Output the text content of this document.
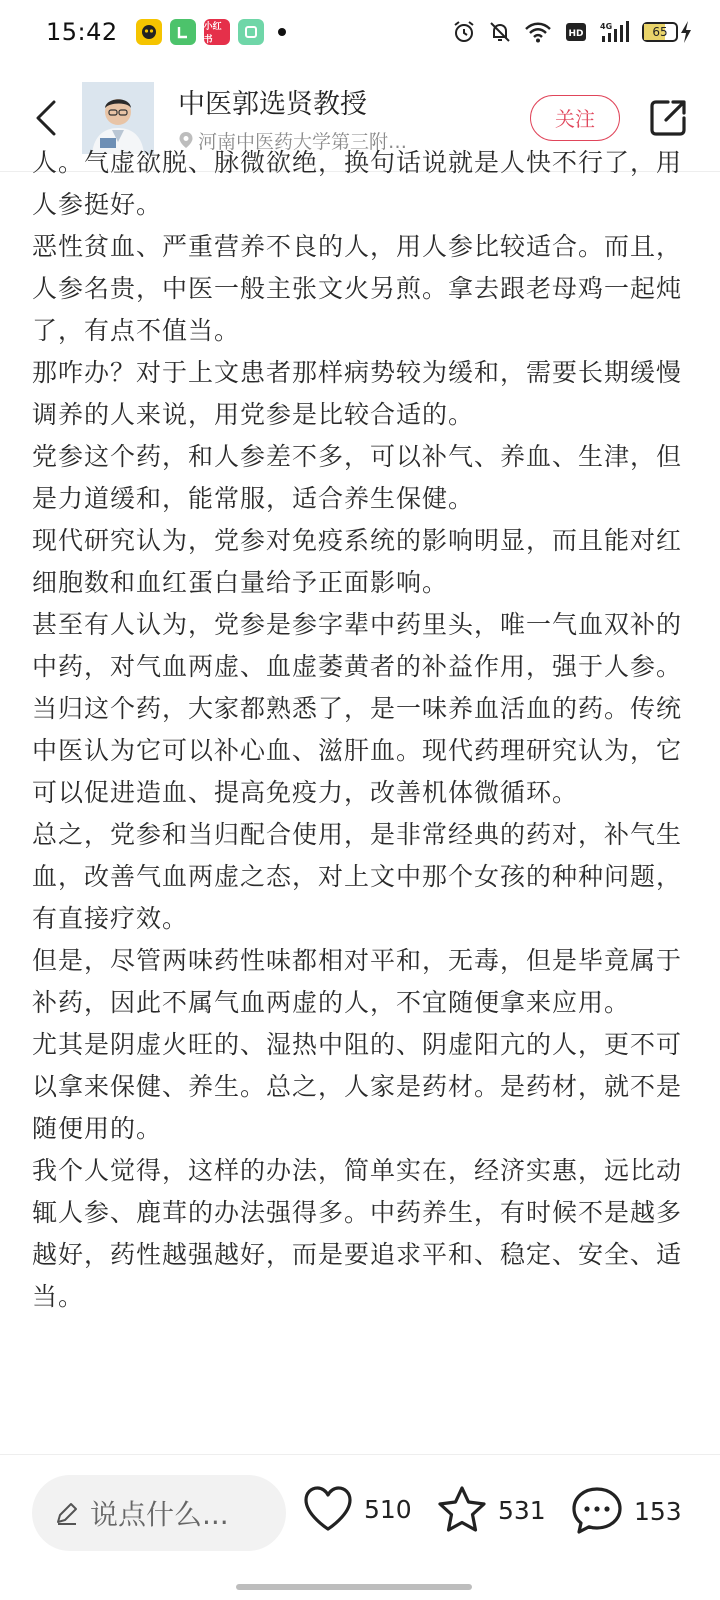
15:42	小红书
HD
4G	65
中医郭选贤教授
河南中医药大学第三附…
关注

人。气虚欲脱、脉微欲绝，换句话说就是人快不行了，用人参挺好。

恶性贫血、严重营养不良的人，用人参比较适合。而且，人参名贵，中医一般主张文火另煎。拿去跟老母鸡一起炖了，有点不值当。

那咋办？对于上文患者那样病势较为缓和，需要长期缓慢调养的人来说，用党参是比较合适的。

党参这个药，和人参差不多，可以补气、养血、生津，但是力道缓和，能常服，适合养生保健。

现代研究认为，党参对免疫系统的影响明显，而且能对红细胞数和血红蛋白量给予正面影响。

甚至有人认为，党参是参字辈中药里头，唯一气血双补的中药，对气血两虚、血虚萎黄者的补益作用，强于人参。

当归这个药，大家都熟悉了，是一味养血活血的药。传统中医认为它可以补心血、滋肝血。现代药理研究认为，它可以促进造血、提高免疫力，改善机体微循环。

总之，党参和当归配合使用，是非常经典的药对，补气生血，改善气血两虚之态，对上文中那个女孩的种种问题，有直接疗效。

但是，尽管两味药性味都相对平和，无毒，但是毕竟属于补药，因此不属气血两虚的人，不宜随便拿来应用。

尤其是阴虚火旺的、湿热中阻的、阴虚阳亢的人，更不可以拿来保健、养生。总之，人家是药材。是药材，就不是随便用的。

我个人觉得，这样的办法，简单实在，经济实惠，远比动辄人参、鹿茸的办法强得多。中药养生，有时候不是越多越好，药性越强越好，而是要追求平和、稳定、安全、适当。

说点什么...	510	531	153
